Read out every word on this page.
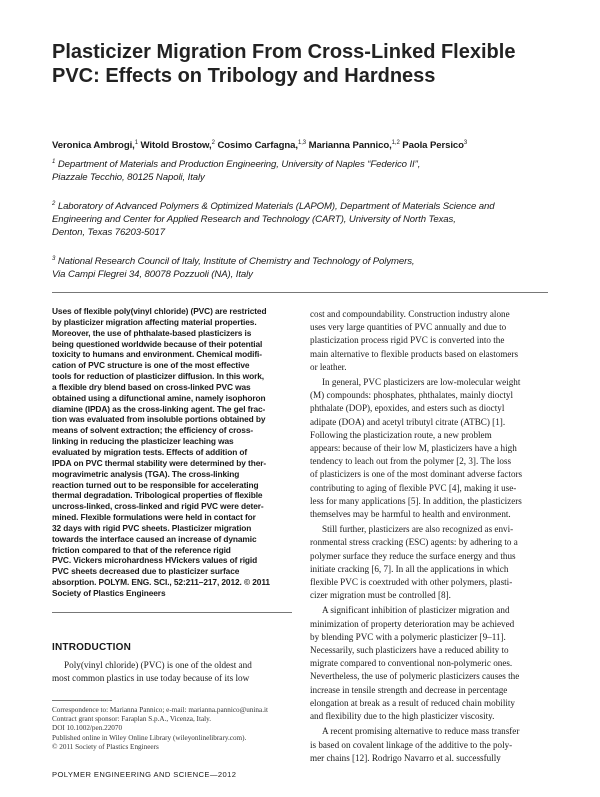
Plasticizer Migration From Cross-Linked Flexible
PVC: Effects on Tribology and Hardness
Veronica Ambrogi,$^1$ Witold Brostow,$^2$ Cosimo Carfagna,$^{1,3}$ Marianna Pannico,$^{1,2}$ Paola Persico$^3$
$^1$ Department of Materials and Production Engineering, University of Naples “Federico II”,
Piazzale Tecchio, 80125 Napoli, Italy
$^2$ Laboratory of Advanced Polymers & Optimized Materials (LAPOM), Department of Materials Science and
Engineering and Center for Applied Research and Technology (CART), University of North Texas,
Denton, Texas 76203-5017
$^3$ National Research Council of Italy, Institute of Chemistry and Technology of Polymers,
Via Campi Flegrei 34, 80078 Pozzuoli (NA), Italy
Uses of flexible poly(vinyl chloride) (PVC) are restricted
by plasticizer migration affecting material properties.
Moreover, the use of phthalate-based plasticizers is
being questioned worldwide because of their potential
toxicity to humans and environment. Chemical modifi-
cation of PVC structure is one of the most effective
tools for reduction of plasticizer diffusion. In this work,
a flexible dry blend based on cross-linked PVC was
obtained using a difunctional amine, namely isophoron
diamine (IPDA) as the cross-linking agent. The gel frac-
tion was evaluated from insoluble portions obtained by
means of solvent extraction; the efficiency of cross-
linking in reducing the plasticizer leaching was
evaluated by migration tests. Effects of addition of
IPDA on PVC thermal stability were determined by ther-
mogravimetric analysis (TGA). The cross-linking
reaction turned out to be responsible for accelerating
thermal degradation. Tribological properties of flexible
uncross-linked, cross-linked and rigid PVC were deter-
mined. Flexible formulations were held in contact for
32 days with rigid PVC sheets. Plasticizer migration
towards the interface caused an increase of dynamic
friction compared to that of the reference rigid
PVC. Vickers microhardness HVickers values of rigid
PVC sheets decreased due to plasticizer surface
absorption. POLYM. ENG. SCI., 52:211–217, 2012. © 2011
Society of Plastics Engineers
INTRODUCTION
Poly(vinyl chloride) (PVC) is one of the oldest and
most common plastics in use today because of its low
Correspondence to: Marianna Pannico; e-mail: marianna.pannico@unina.it
Contract grant sponsor: Faraplan S.p.A., Vicenza, Italy.
DOI 10.1002/pen.22070
Published online in Wiley Online Library (wileyonlinelibrary.com).
© 2011 Society of Plastics Engineers

cost and compoundability. Construction industry alone
uses very large quantities of PVC annually and due to
plasticization process rigid PVC is converted into the
main alternative to flexible products based on elastomers
or leather.

In general, PVC plasticizers are low-molecular weight
(M) compounds: phosphates, phthalates, mainly dioctyl
phthalate (DOP), epoxides, and esters such as dioctyl
adipate (DOA) and acetyl tributyl citrate (ATBC) [1].
Following the plasticization route, a new problem
appears: because of their low M, plasticizers have a high
tendency to leach out from the polymer [2, 3]. The loss
of plasticizers is one of the most dominant adverse factors
contributing to aging of flexible PVC [4], making it use-
less for many applications [5]. In addition, the plasticizers
themselves may be harmful to health and environment.

Still further, plasticizers are also recognized as envi-
ronmental stress cracking (ESC) agents: by adhering to a
polymer surface they reduce the surface energy and thus
initiate cracking [6, 7]. In all the applications in which
flexible PVC is coextruded with other polymers, plasti-
cizer migration must be controlled [8].

A significant inhibition of plasticizer migration and
minimization of property deterioration may be achieved
by blending PVC with a polymeric plasticizer [9–11].
Necessarily, such plasticizers have a reduced ability to
migrate compared to conventional non-polymeric ones.
Nevertheless, the use of polymeric plasticizers causes the
increase in tensile strength and decrease in percentage
elongation at break as a result of reduced chain mobility
and flexibility due to the high plasticizer viscosity.

A recent promising alternative to reduce mass transfer
is based on covalent linkage of the additive to the poly-
mer chains [12]. Rodrigo Navarro et al. successfully

POLYMER ENGINEERING AND SCIENCE—2012
